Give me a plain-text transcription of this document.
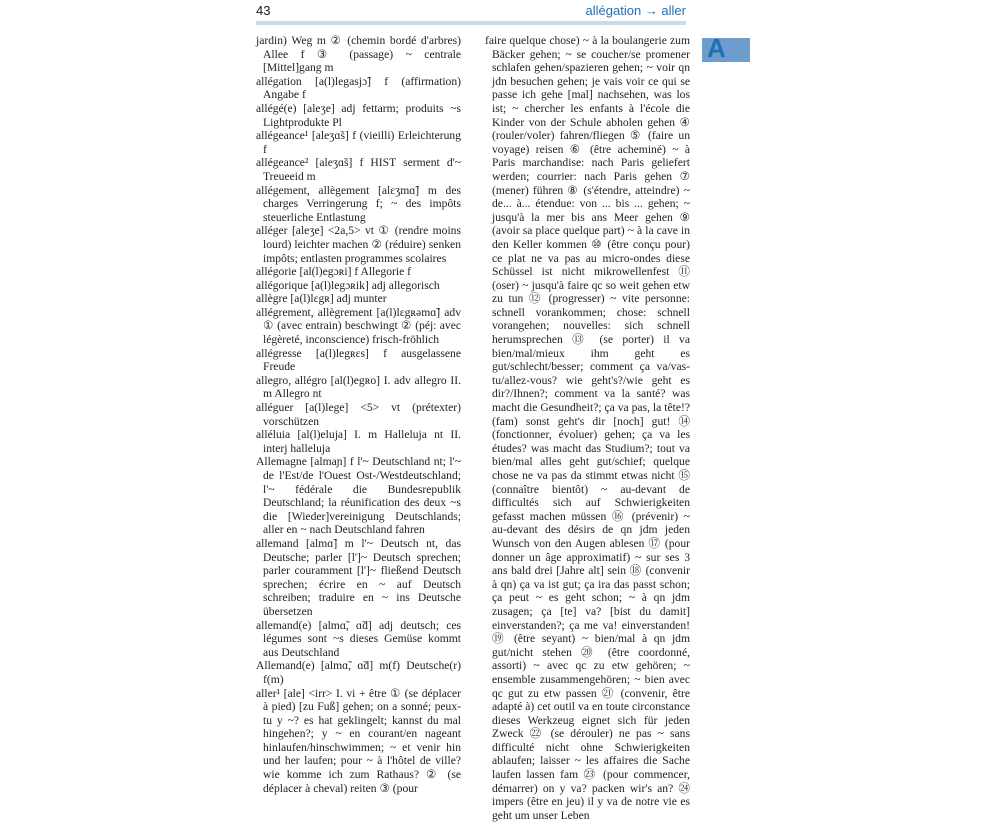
43	allégation → aller
A

jardin) Weg m ② (chemin bordé d'arbres) Allee f ③ (passage) ~ centrale [Mittel]gang m

allégation [a(l)legasjɔ̃] f (affirmation) Angabe f

allégé(e) [aleʒe] adj fettarm; produits ~s Lightprodukte Pl

allégeance¹ [aleʒɑ̃s] f (vieilli) Erleichterung f

allégeance² [aleʒɑ̃s] f HIST serment d'~ Treueeid m

allégement, allègement [alɛʒmɑ̃] m des charges Verringerung f; ~ des impôts steuerliche Entlastung

alléger [aleʒe] <2a,5> vt ① (rendre moins lourd) leichter machen ② (réduire) senken impôts; entlasten programmes scolaires

allégorie [al(l)egɔʀi] f Allegorie f

allégorique [a(l)legɔʀik] adj allegorisch

allègre [a(l)lɛgʀ] adj munter

allégrement, allègrement [a(l)lɛgʀəmɑ̃] adv ① (avec entrain) beschwingt ② (péj: avec légèreté, inconscience) frisch-fröhlich

allégresse [a(l)legʀɛs] f ausgelassene Freude

allegro, allégro [al(l)egʀo] I. adv allegro II. m Allegro nt

alléguer [a(l)lege] <5> vt (prétexter) vorschützen

alléluia [al(l)eluja] I. m Halleluja nt II. interj halleluja

Allemagne [almaɲ] f l'~ Deutschland nt; l'~ de l'Est/de l'Ouest Ost-/Westdeutschland; l'~ fédérale die Bundesrepublik Deutschland; la réunification des deux ~s die [Wieder]vereinigung Deutschlands; aller en ~ nach Deutschland fahren

allemand [almɑ̃] m l'~ Deutsch nt, das Deutsche; parler [l']~ Deutsch sprechen; parler couramment [l']~ fließend Deutsch sprechen; écrire en ~ auf Deutsch schreiben; traduire en ~ ins Deutsche übersetzen

allemand(e) [almɑ̃, ɑ̃d] adj deutsch; ces légumes sont ~s dieses Gemüse kommt aus Deutschland

Allemand(e) [almɑ̃, ɑ̃d] m(f) Deutsche(r) f(m)

aller¹ [ale] <irr> I. vi + être ① (se déplacer à pied) [zu Fuß] gehen; on a sonné; peux-tu y ~? es hat geklingelt; kannst du mal hingehen?; y ~ en courant/en nageant hinlaufen/hinschwimmen; ~ et venir hin und her laufen; pour ~ à l'hôtel de ville? wie komme ich zum Rathaus? ② (se déplacer à cheval) reiten ③ (pour

faire quelque chose) ~ à la boulangerie zum Bäcker gehen; ~ se coucher/se promener schlafen gehen/spazieren gehen; ~ voir qn jdn besuchen gehen; je vais voir ce qui se passe ich gehe [mal] nachsehen, was los ist; ~ chercher les enfants à l'école die Kinder von der Schule abholen gehen ④ (rouler/voler) fahren/fliegen ⑤ (faire un voyage) reisen ⑥ (être acheminé) ~ à Paris marchandise: nach Paris geliefert werden; courrier: nach Paris gehen ⑦ (mener) führen ⑧ (s'étendre, atteindre) ~ de... à... étendue: von ... bis ... gehen; ~ jusqu'à la mer bis ans Meer gehen ⑨ (avoir sa place quelque part) ~ à la cave in den Keller kommen ⑩ (être conçu pour) ce plat ne va pas au micro-ondes diese Schüssel ist nicht mikrowellenfest ⑪ (oser) ~ jusqu'à faire qc so weit gehen etw zu tun ⑫ (progresser) ~ vite personne: schnell vorankommen; chose: schnell vorangehen; nouvelles: sich schnell herumsprechen ⑬ (se porter) il va bien/mal/mieux ihm geht es gut/schlecht/besser; comment ça va/vas-tu/allez-vous? wie geht's?/wie geht es dir?/Ihnen?; comment va la santé? was macht die Gesundheit?; ça va pas, la tête!? (fam) sonst geht's dir [noch] gut! ⑭ (fonctionner, évoluer) gehen; ça va les études? was macht das Studium?; tout va bien/mal alles geht gut/schief; quelque chose ne va pas da stimmt etwas nicht ⑮ (connaître bientôt) ~ au-devant de difficultés sich auf Schwierigkeiten gefasst machen müssen ⑯ (prévenir) ~ au-devant des désirs de qn jdm jeden Wunsch von den Augen ablesen ⑰ (pour donner un âge approximatif) ~ sur ses 3 ans bald drei [Jahre alt] sein ⑱ (convenir à qn) ça va ist gut; ça ira das passt schon; ça peut ~ es geht schon; ~ à qn jdm zusagen; ça [te] va? [bist du damit] einverstanden?; ça me va! einverstanden! ⑲ (être seyant) ~ bien/mal à qn jdm gut/nicht stehen ⑳ (être coordonné, assorti) ~ avec qc zu etw gehören; ~ ensemble zusammengehören; ~ bien avec qc gut zu etw passen ㉑ (convenir, être adapté à) cet outil va en toute circonstance dieses Werkzeug eignet sich für jeden Zweck ㉒ (se dérouler) ne pas ~ sans difficulté nicht ohne Schwierigkeiten ablaufen; laisser ~ les affaires die Sache laufen lassen fam ㉓ (pour commencer, démarrer) on y va? packen wir's an? ㉔ impers (être en jeu) il y va de notre vie es geht um unser Leben
